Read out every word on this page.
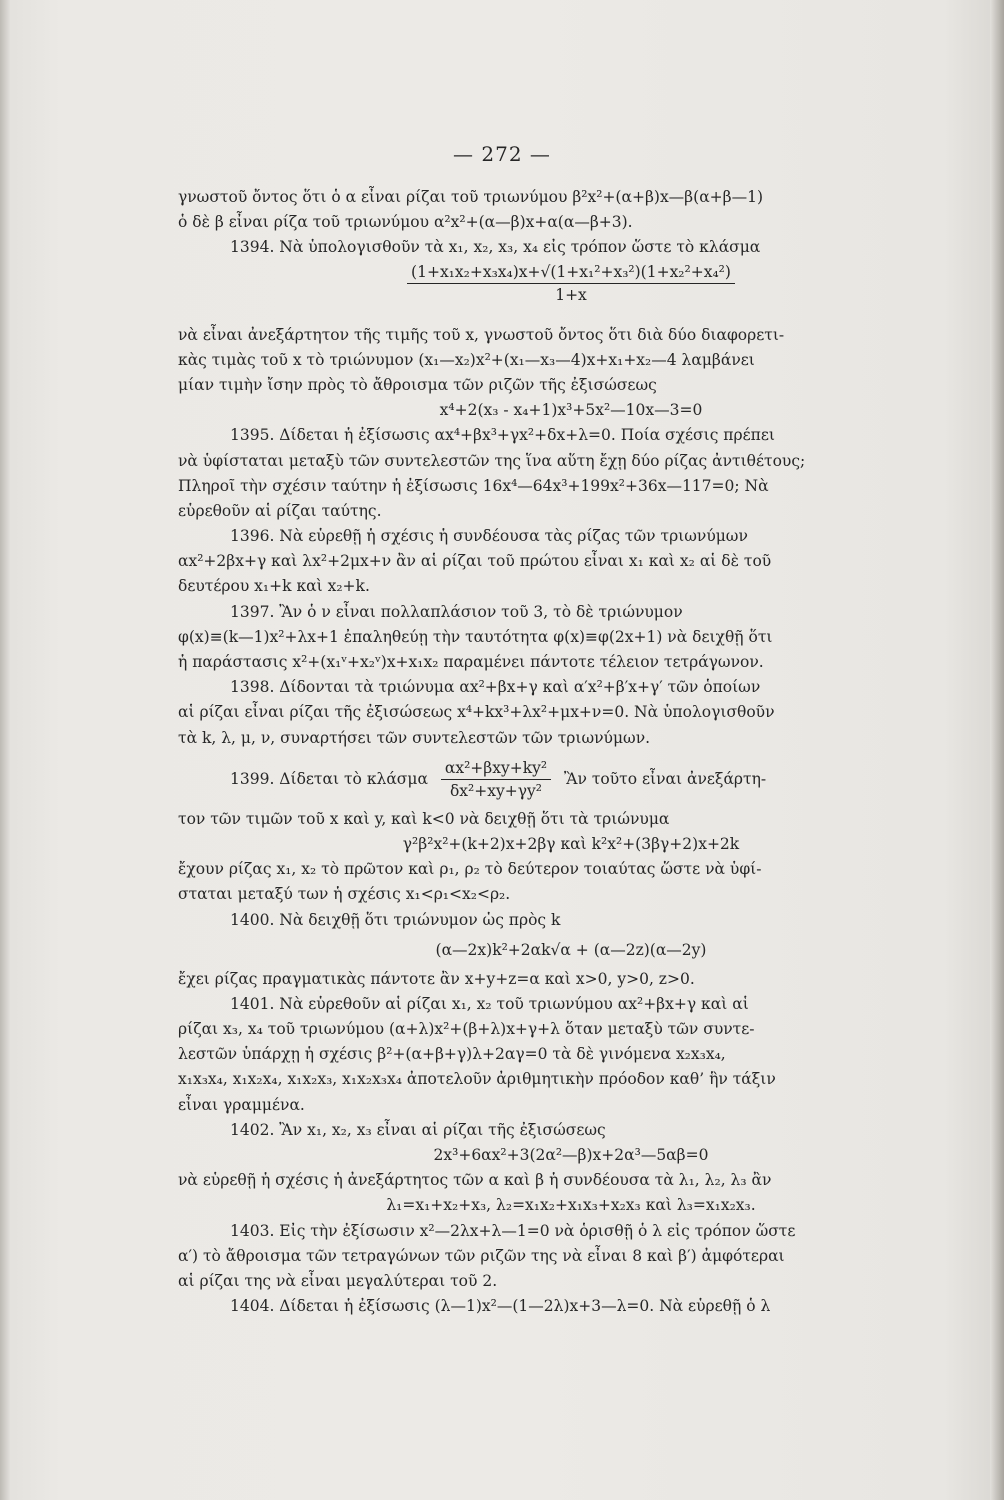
— 272 —
γνωστοῦ ὄντος ὅτι ὁ α εἶναι ρίζαι τοῦ τριωνύμου β²x²+(α+β)x—β(α+β—1)
ὁ δὲ β εἶναι ρίζα τοῦ τριωνύμου α²x²+(α—β)x+α(α—β+3).
1394. Νὰ ὑπολογισθοῦν τὰ x₁, x₂, x₃, x₄ εἰς τρόπον ὥστε τὸ κλάσμα
$\frac{\text{(1+x₁x₂+x₃x₄)x+√(1+x₁²+x₃²)(1+x₂²+x₄²)}}{1+x}$
νὰ εἶναι ἀνεξάρτητον τῆς τιμῆς τοῦ x, γνωστοῦ ὄντος ὅτι διὰ δύο διαφορετι-
κὰς τιμὰς τοῦ x τὸ τριώνυμον (x₁—x₂)x²+(x₁—x₃—4)x+x₁+x₂—4 λαμβάνει
μίαν τιμὴν ἴσην πρὸς τὸ ἄθροισμα τῶν ριζῶν τῆς ἐξισώσεως
x⁴+2(x₃ - x₄+1)x³+5x²—10x—3=0
1395. Δίδεται ἡ ἐξίσωσις αx⁴+βx³+γx²+δx+λ=0. Ποία σχέσις πρέπει
νὰ ὑφίσταται μεταξὺ τῶν συντελεστῶν της ἵνα αὕτη ἔχῃ δύο ρίζας ἀντιθέτους;
Πληροῖ τὴν σχέσιν ταύτην ἡ ἐξίσωσις 16x⁴—64x³+199x²+36x—117=0; Νὰ
εὑρεθοῦν αἱ ρίζαι ταύτης.
1396. Νὰ εὑρεθῇ ἡ σχέσις ἡ συνδέουσα τὰς ρίζας τῶν τριωνύμων
αx²+2βx+γ καὶ λx²+2μx+ν ἂν αἱ ρίζαι τοῦ πρώτου εἶναι x₁ καὶ x₂ αἱ δὲ τοῦ
δευτέρου x₁+k καὶ x₂+k.
1397. Ἂν ὁ ν εἶναι πολλαπλάσιον τοῦ 3, τὸ δὲ τριώνυμον
φ(x)≡(k—1)x²+λx+1 ἐπαληθεύῃ τὴν ταυτότητα φ(x)≡φ(2x+1) νὰ δειχθῇ ὅτι
ἡ παράστασις x²+(x₁ᵛ+x₂ᵛ)x+x₁x₂ παραμένει πάντοτε τέλειον τετράγωνον.
1398. Δίδονται τὰ τριώνυμα αx²+βx+γ καὶ α′x²+β′x+γ′ τῶν ὁποίων
αἱ ρίζαι εἶναι ρίζαι τῆς ἐξισώσεως x⁴+kx³+λx²+μx+ν=0. Νὰ ὑπολογισθοῦν
τὰ k, λ, μ, ν, συναρτήσει τῶν συντελεστῶν τῶν τριωνύμων.
1399. Δίδεται τὸ κλάσμα $\frac{\text{αx²+βxy+ky²}}{\text{δx²+xy+γy²}}$ Ἂν τοῦτο εἶναι ἀνεξάρτη-
τον τῶν τιμῶν τοῦ x καὶ y, καὶ k<0 νὰ δειχθῇ ὅτι τὰ τριώνυμα
γ²β²x²+(k+2)x+2βγ καὶ k²x²+(3βγ+2)x+2k
ἔχουν ρίζας x₁, x₂ τὸ πρῶτον καὶ ρ₁, ρ₂ τὸ δεύτερον τοιαύτας ὥστε νὰ ὑφί-
σταται μεταξύ των ἡ σχέσις x₁<ρ₁<x₂<ρ₂.
1400. Νὰ δειχθῇ ὅτι τριώνυμον ὡς πρὸς k
(α—2x)k²+2αk√α + (α—2z)(α—2y)
ἔχει ρίζας πραγματικὰς πάντοτε ἂν x+y+z=α καὶ x>0, y>0, z>0.
1401. Νὰ εὑρεθοῦν αἱ ρίζαι x₁, x₂ τοῦ τριωνύμου αx²+βx+γ καὶ αἱ
ρίζαι x₃, x₄ τοῦ τριωνύμου (α+λ)x²+(β+λ)x+γ+λ ὅταν μεταξὺ τῶν συντε-
λεστῶν ὑπάρχῃ ἡ σχέσις β²+(α+β+γ)λ+2αγ=0 τὰ δὲ γινόμενα x₂x₃x₄,
x₁x₃x₄, x₁x₂x₄, x₁x₂x₃, x₁x₂x₃x₄ ἀποτελοῦν ἀριθμητικὴν πρόοδον καθ’ ἣν τάξιν
εἶναι γραμμένα.
1402. Ἂν x₁, x₂, x₃ εἶναι αἱ ρίζαι τῆς ἐξισώσεως
2x³+6αx²+3(2α²—β)x+2α³—5αβ=0
νὰ εὑρεθῇ ἡ σχέσις ἡ ἀνεξάρτητος τῶν α καὶ β ἡ συνδέουσα τὰ λ₁, λ₂, λ₃ ἂν
λ₁=x₁+x₂+x₃, λ₂=x₁x₂+x₁x₃+x₂x₃ καὶ λ₃=x₁x₂x₃.
1403. Εἰς τὴν ἐξίσωσιν x²—2λx+λ—1=0 νὰ ὁρισθῇ ὁ λ εἰς τρόπον ὥστε
α′) τὸ ἄθροισμα τῶν τετραγώνων τῶν ριζῶν της νὰ εἶναι 8 καὶ β′) ἀμφότεραι
αἱ ρίζαι της νὰ εἶναι μεγαλύτεραι τοῦ 2.
1404. Δίδεται ἡ ἐξίσωσις (λ—1)x²—(1—2λ)x+3—λ=0. Νὰ εὑρεθῇ ὁ λ
